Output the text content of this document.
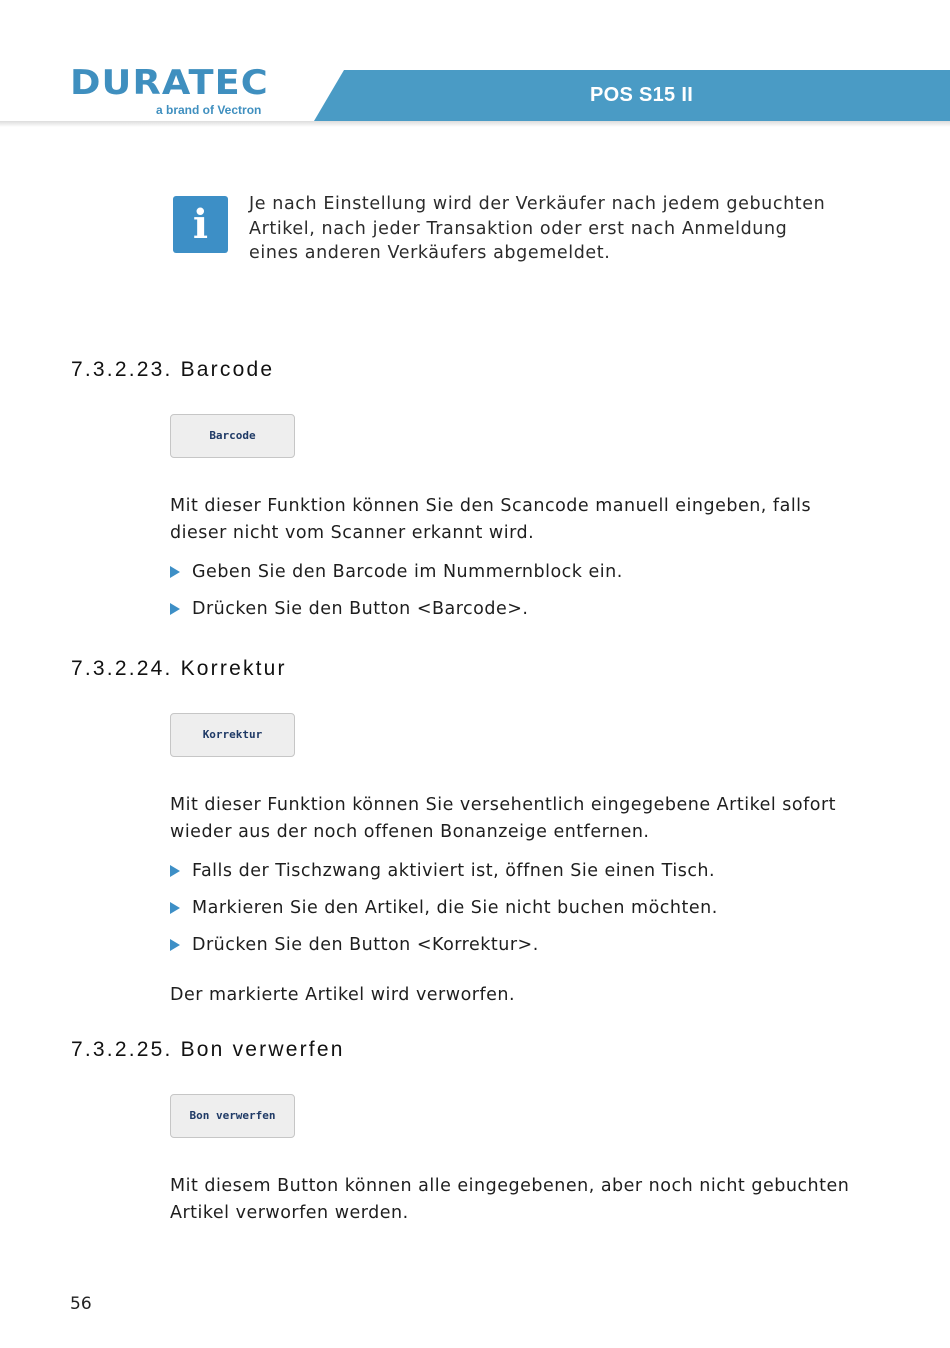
DURATEC
a brand of Vectron
POS S15 II
i	Je nach Einstellung wird der Verkäufer nach jedem gebuchten Artikel, nach jeder Transaktion oder erst nach Anmeldung eines anderen Verkäufers abgemeldet.
7.3.2.23. Barcode
Barcode
Mit dieser Funktion können Sie den Scancode manuell eingeben, falls dieser nicht vom Scanner erkannt wird.
Geben Sie den Barcode im Nummernblock ein.
Drücken Sie den Button <Barcode>.
7.3.2.24. Korrektur
Korrektur
Mit dieser Funktion können Sie versehentlich eingegebene Artikel sofort wieder aus der noch offenen Bonanzeige entfernen.
Falls der Tischzwang aktiviert ist, öffnen Sie einen Tisch.
Markieren Sie den Artikel, die Sie nicht buchen möchten.
Drücken Sie den Button <Korrektur>.
Der markierte Artikel wird verworfen.
7.3.2.25. Bon verwerfen
Bon verwerfen
Mit diesem Button können alle eingegebenen, aber noch nicht gebuchten Artikel verworfen werden.
56
